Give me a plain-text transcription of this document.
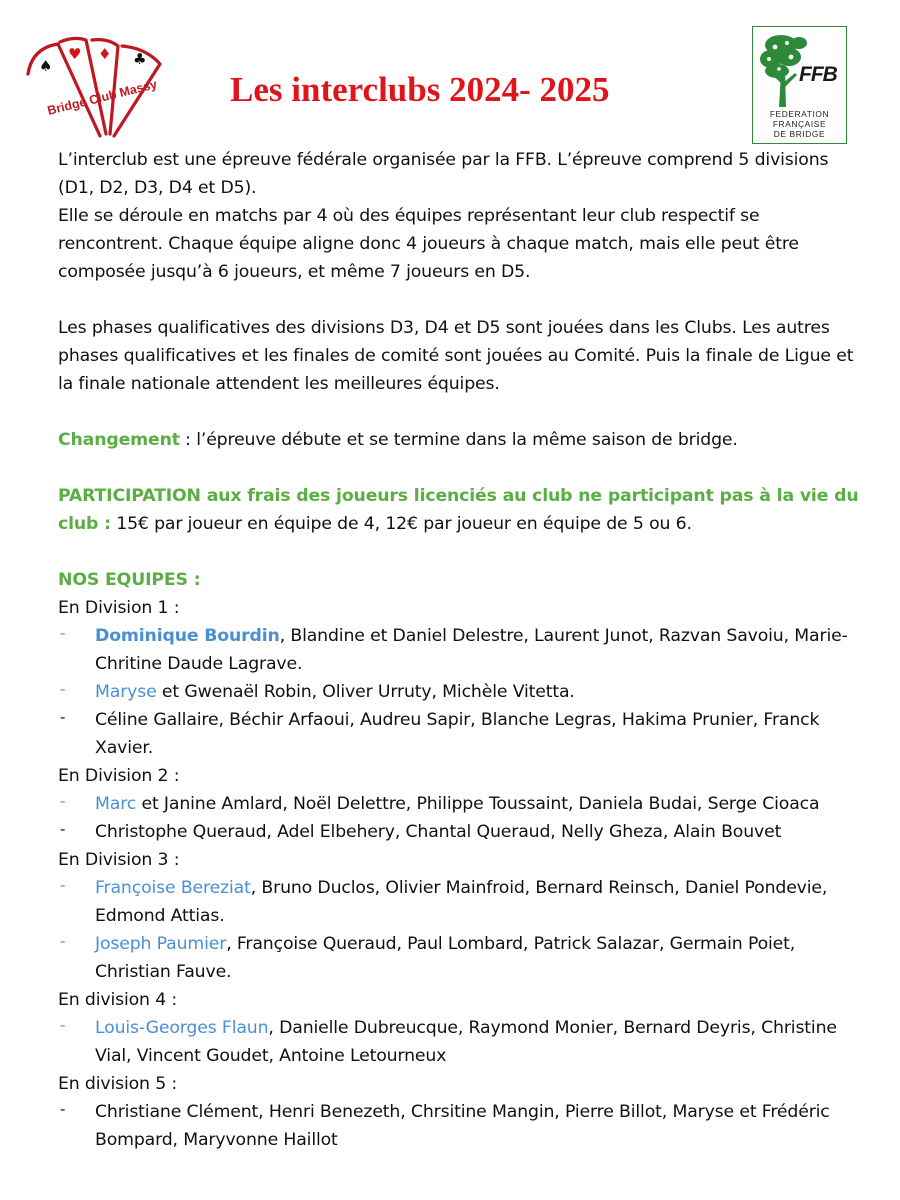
♠
♥ ♦ ♣
Bridge Club Massy Les interclubs 2024- 2025	FFB
FEDERATION
FRANÇAISE
DE BRIDGE

L’interclub est une épreuve fédérale organisée par la FFB. L’épreuve comprend 5 divisions (D1, D2, D3, D4 et D5).
Elle se déroule en matchs par 4 où des équipes représentant leur club respectif se rencontrent. Chaque équipe aligne donc 4 joueurs à chaque match, mais elle peut être composée jusqu’à 6 joueurs, et même 7 joueurs en D5.

Les phases qualificatives des divisions D3, D4 et D5 sont jouées dans les Clubs. Les autres phases qualificatives et les finales de comité sont jouées au Comité. Puis la finale de Ligue et la finale nationale attendent les meilleures équipes.

Changement : l’épreuve débute et se termine dans la même saison de bridge.

PARTICIPATION aux frais des joueurs licenciés au club ne participant pas à la vie du club : 15€ par joueur en équipe de 4, 12€ par joueur en équipe de 5 ou 6.

NOS EQUIPES :

En Division 1 :

- Dominique Bourdin, Blandine et Daniel Delestre, Laurent Junot, Razvan Savoiu, Marie-Chritine Daude Lagrave.
- Maryse et Gwenaël Robin, Oliver Urruty, Michèle Vitetta.
- Céline Gallaire, Béchir Arfaoui, Audreu Sapir, Blanche Legras, Hakima Prunier, Franck Xavier.

En Division 2 :

- Marc et Janine Amlard, Noël Delettre, Philippe Toussaint, Daniela Budai, Serge Cioaca
- Christophe Queraud, Adel Elbehery, Chantal Queraud, Nelly Gheza, Alain Bouvet

En Division 3 :

- Françoise Bereziat, Bruno Duclos, Olivier Mainfroid, Bernard Reinsch, Daniel Pondevie, Edmond Attias.
- Joseph Paumier, Françoise Queraud, Paul Lombard, Patrick Salazar, Germain Poiet, Christian Fauve.

En division 4 :

- Louis-Georges Flaun, Danielle Dubreucque, Raymond Monier, Bernard Deyris, Christine Vial, Vincent Goudet, Antoine Letourneux

En division 5 :

- Christiane Clément, Henri Benezeth, Chrsitine Mangin, Pierre Billot, Maryse et Frédéric Bompard, Maryvonne Haillot
